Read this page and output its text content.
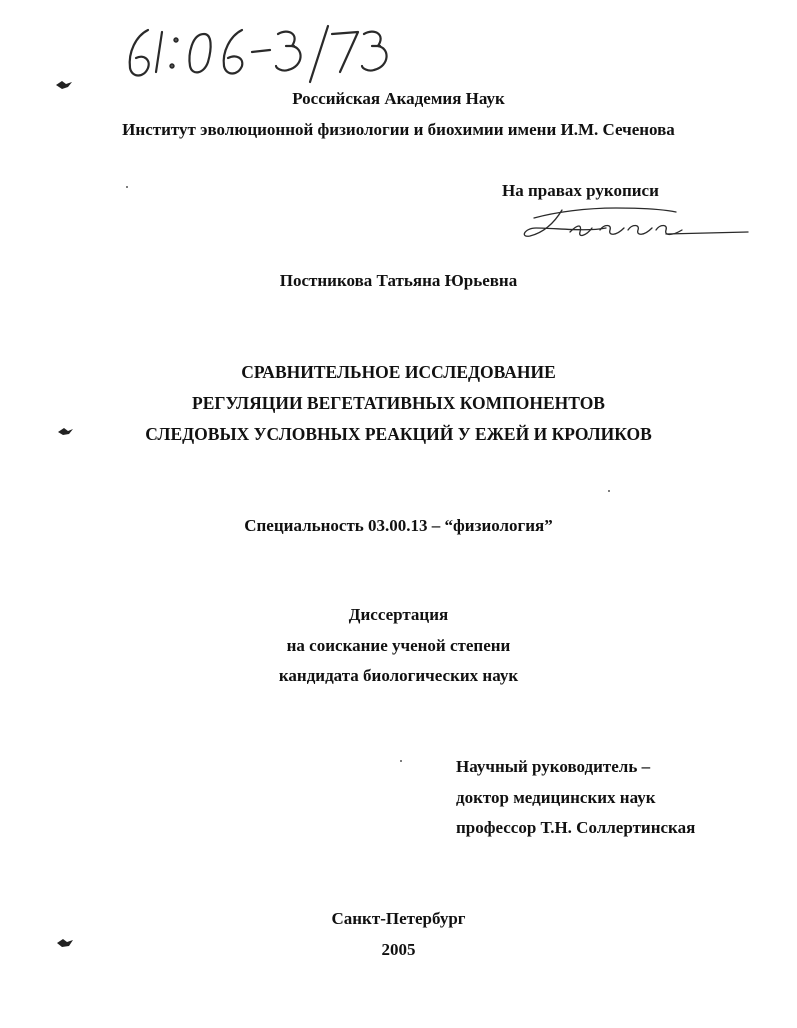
Российская Академия Наук
Институт эволюционной физиологии и биохимии имени И.М. Сеченова
На правах рукописи
Постникова Татьяна Юрьевна
СРАВНИТЕЛЬНОЕ ИССЛЕДОВАНИЕ
РЕГУЛЯЦИИ ВЕГЕТАТИВНЫХ КОМПОНЕНТОВ
СЛЕДОВЫХ УСЛОВНЫХ РЕАКЦИЙ У ЕЖЕЙ И КРОЛИКОВ
Специальность 03.00.13 – “физиология”
Диссертация
на соискание ученой степени
кандидата биологических наук
Научный руководитель –
доктор медицинских наук
профессор Т.Н. Соллертинская
Санкт-Петербург
2005
